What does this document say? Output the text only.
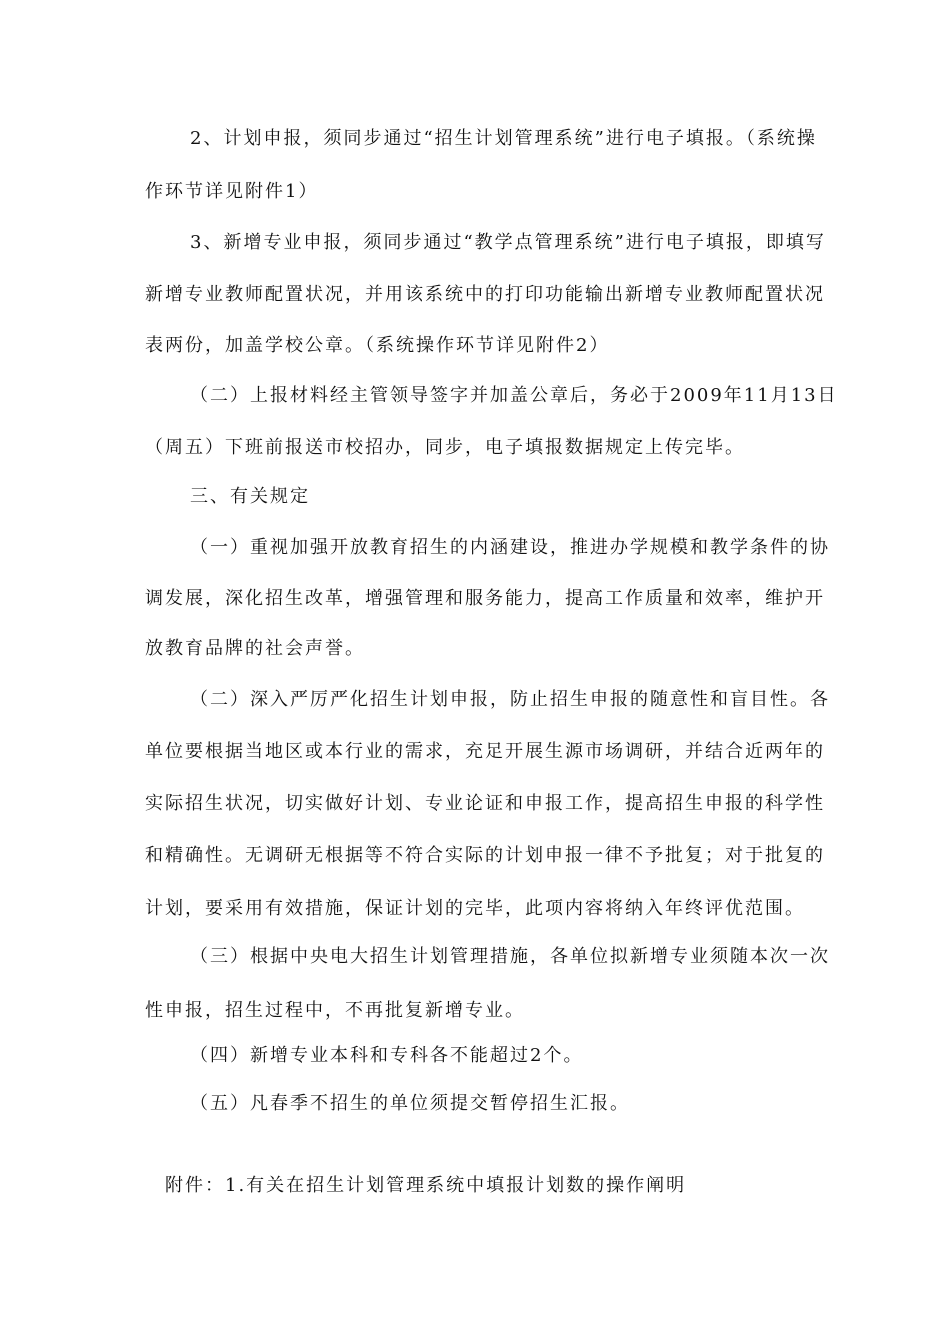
2、计划申报，须同步通过“招生计划管理系统”进行电子填报。（系统操
作环节详见附件1）
3、新增专业申报，须同步通过“教学点管理系统”进行电子填报，即填写
新增专业教师配置状况，并用该系统中的打印功能输出新增专业教师配置状况
表两份，加盖学校公章。（系统操作环节详见附件2）
（二）上报材料经主管领导签字并加盖公章后，务必于2009年11月13日
（周五）下班前报送市校招办，同步，电子填报数据规定上传完毕。
三、有关规定
（一）重视加强开放教育招生的内涵建设，推进办学规模和教学条件的协
调发展，深化招生改革，增强管理和服务能力，提高工作质量和效率，维护开
放教育品牌的社会声誉。
（二）深入严厉严化招生计划申报，防止招生申报的随意性和盲目性。各
单位要根据当地区或本行业的需求，充足开展生源市场调研，并结合近两年的
实际招生状况，切实做好计划、专业论证和申报工作，提高招生申报的科学性
和精确性。无调研无根据等不符合实际的计划申报一律不予批复；对于批复的
计划，要采用有效措施，保证计划的完毕，此项内容将纳入年终评优范围。
（三）根据中央电大招生计划管理措施，各单位拟新增专业须随本次一次
性申报，招生过程中，不再批复新增专业。
（四）新增专业本科和专科各不能超过2个。
（五）凡春季不招生的单位须提交暂停招生汇报。
附件：1.有关在招生计划管理系统中填报计划数的操作阐明
